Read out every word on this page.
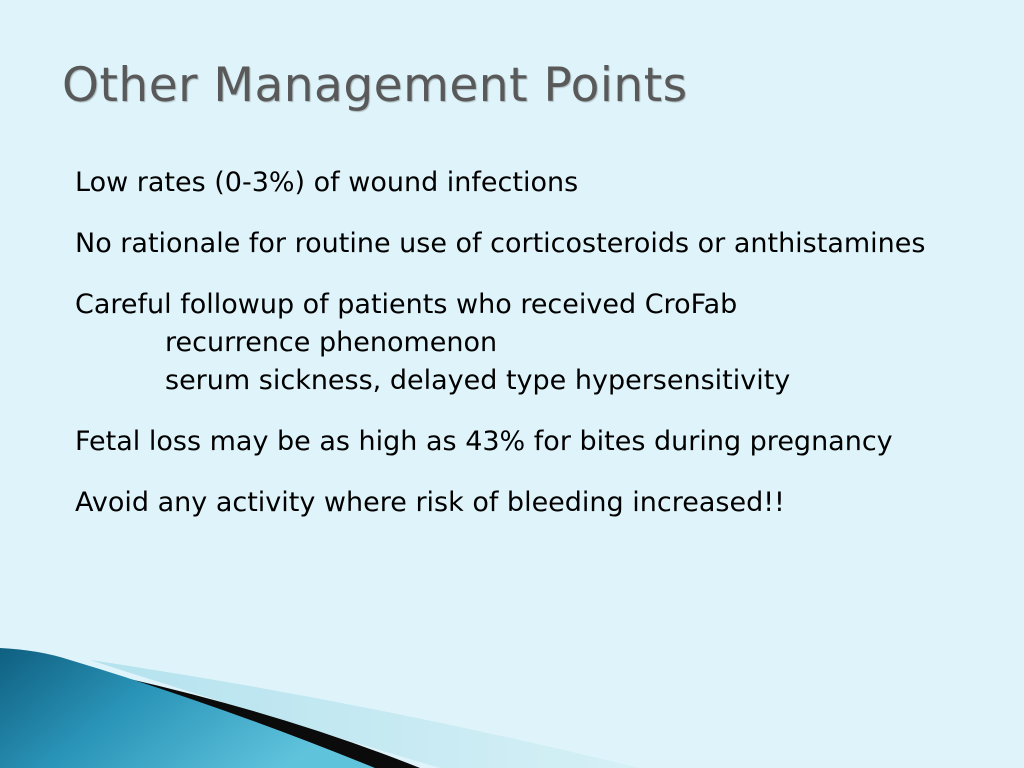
Other Management Points

Low rates (0-3%) of wound infections

No rationale for routine use of corticosteroids or anthistamines

Careful followup of patients who received CroFab

recurrence phenomenon

serum sickness, delayed type hypersensitivity

Fetal loss may be as high as 43% for bites during pregnancy

Avoid any activity where risk of bleeding increased!!
